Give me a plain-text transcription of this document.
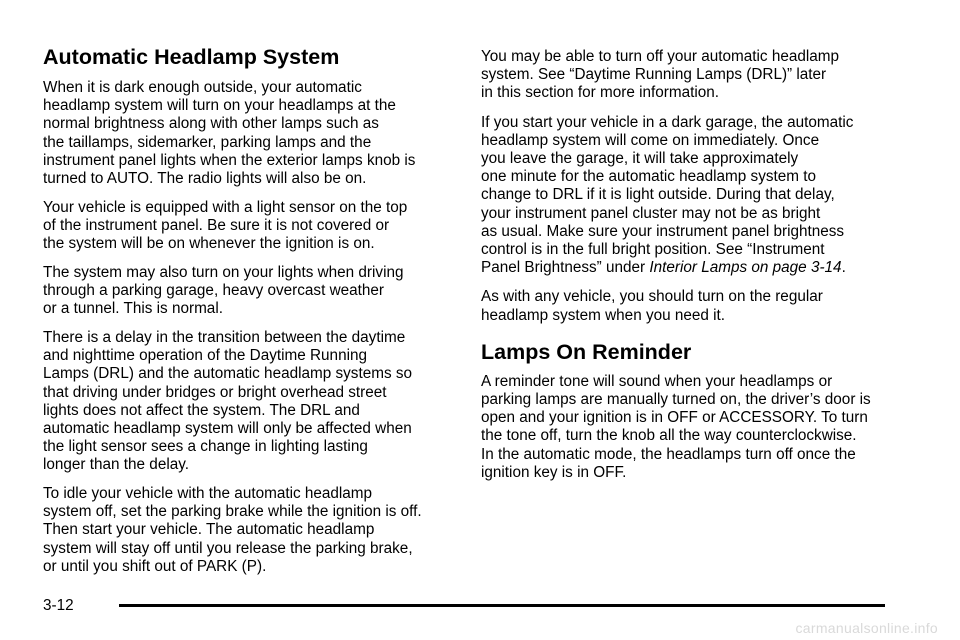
Automatic Headlamp System

When it is dark enough outside, your automatic
headlamp system will turn on your headlamps at the
normal brightness along with other lamps such as
the taillamps, sidemarker, parking lamps and the
instrument panel lights when the exterior lamps knob is
turned to AUTO. The radio lights will also be on.

Your vehicle is equipped with a light sensor on the top
of the instrument panel. Be sure it is not covered or
the system will be on whenever the ignition is on.

The system may also turn on your lights when driving
through a parking garage, heavy overcast weather
or a tunnel. This is normal.

There is a delay in the transition between the daytime
and nighttime operation of the Daytime Running
Lamps (DRL) and the automatic headlamp systems so
that driving under bridges or bright overhead street
lights does not affect the system. The DRL and
automatic headlamp system will only be affected when
the light sensor sees a change in lighting lasting
longer than the delay.

To idle your vehicle with the automatic headlamp
system off, set the parking brake while the ignition is off.
Then start your vehicle. The automatic headlamp
system will stay off until you release the parking brake,
or until you shift out of PARK (P).

You may be able to turn off your automatic headlamp
system. See “Daytime Running Lamps (DRL)” later
in this section for more information.

If you start your vehicle in a dark garage, the automatic
headlamp system will come on immediately. Once
you leave the garage, it will take approximately
one minute for the automatic headlamp system to
change to DRL if it is light outside. During that delay,
your instrument panel cluster may not be as bright
as usual. Make sure your instrument panel brightness
control is in the full bright position. See “Instrument
Panel Brightness” under Interior Lamps on page 3-14.

As with any vehicle, you should turn on the regular
headlamp system when you need it.

Lamps On Reminder

A reminder tone will sound when your headlamps or
parking lamps are manually turned on, the driver’s door is
open and your ignition is in OFF or ACCESSORY. To turn
the tone off, turn the knob all the way counterclockwise.
In the automatic mode, the headlamps turn off once the
ignition key is in OFF.

3-12
carmanualsonline.info
